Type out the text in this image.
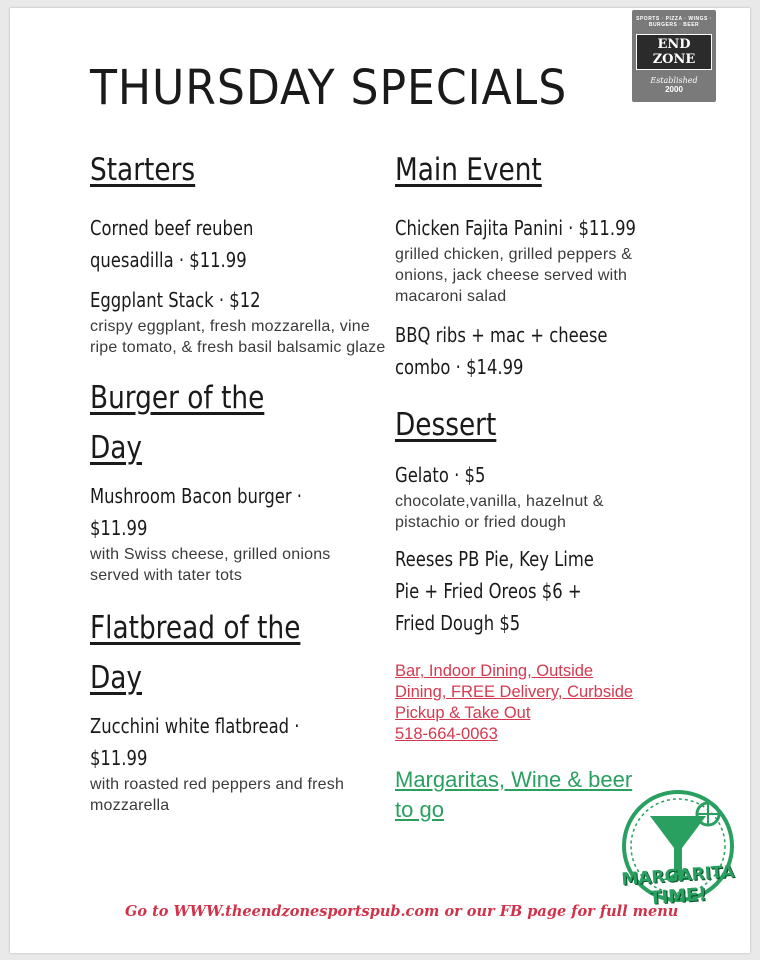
THURSDAY SPECIALS
SPORTS · PIZZA · WINGS · BURGERS · BEER
END ZONE
Established
2000
Starters
Corned beef reuben
quesadilla · $11.99
Eggplant Stack · $12
crispy eggplant, fresh mozzarella, vine ripe tomato, & fresh basil balsamic glaze
Burger of the
Day
Mushroom Bacon burger ·
$11.99
with Swiss cheese, grilled onions served with tater tots
Flatbread of the
Day
Zucchini white flatbread ·
$11.99
with roasted red peppers and fresh mozzarella
Main Event
Chicken Fajita Panini · $11.99
grilled chicken, grilled peppers & onions, jack cheese served with macaroni salad
BBQ ribs + mac + cheese
combo · $14.99
Dessert
Gelato · $5
chocolate,vanilla, hazelnut & pistachio or fried dough
Reeses PB Pie, Key Lime
Pie + Fried Oreos $6 +
Fried Dough $5
Bar, Indoor Dining, Outside Dining, FREE Delivery, Curbside Pickup & Take Out
518-664-0063
Margaritas, Wine & beer to go
MARGARITA
TIME!
Go to WWW.theendzonesportspub.com or our FB page for full menu
